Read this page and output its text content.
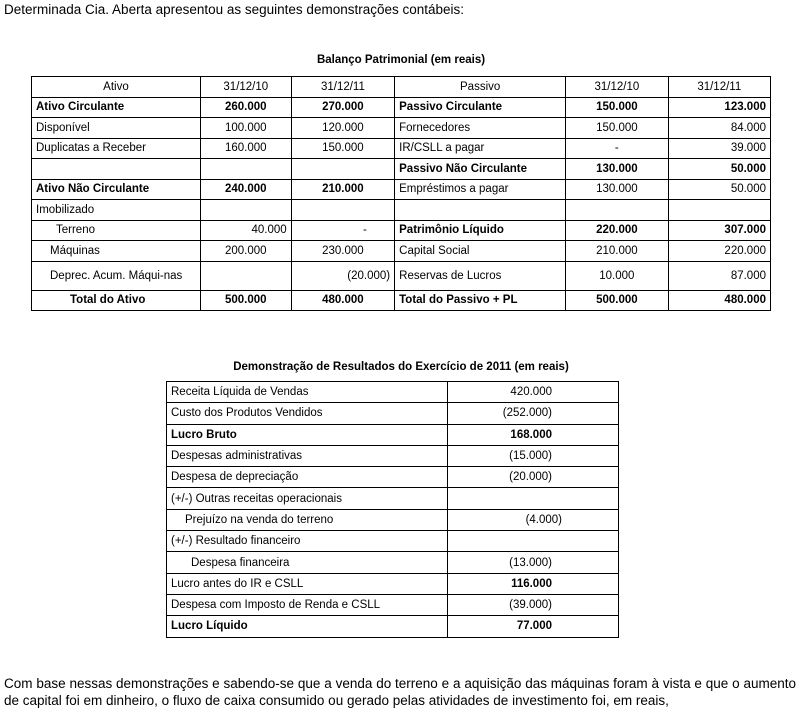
Determinada Cia. Aberta apresentou as seguintes demonstrações contábeis:
Balanço Patrimonial (em reais)
Ativo	31/12/10	31/12/11	Passivo	31/12/10	31/12/11
Ativo Circulante	260.000	270.000	Passivo Circulante	150.000	123.000
Disponível	100.000	120.000	Fornecedores	150.000	84.000
Duplicatas a Receber	160.000	150.000	IR/CSLL a pagar	-	39.000
			Passivo Não Circulante	130.000	50.000
Ativo Não Circulante	240.000	210.000	Empréstimos a pagar	130.000	50.000
Imobilizado					
Terreno	40.000	-	Patrimônio Líquido	220.000	307.000
Máquinas	200.000	230.000	Capital Social	210.000	220.000
Deprec. Acum. Máqui-nas		(20.000)	Reservas de Lucros	10.000	87.000
Total do Ativo	500.000	480.000	Total do Passivo + PL	500.000	480.000
Demonstração de Resultados do Exercício de 2011 (em reais)
Receita Líquida de Vendas	420.000
Custo dos Produtos Vendidos	(252.000)
Lucro Bruto	168.000
Despesas administrativas	(15.000)
Despesa de depreciação	(20.000)
(+/-) Outras receitas operacionais	
Prejuízo na venda do terreno	(4.000)
(+/-) Resultado financeiro	
Despesa financeira	(13.000)
Lucro antes do IR e CSLL	116.000
Despesa com Imposto de Renda e CSLL	(39.000)
Lucro Líquido	77.000
Com base nessas demonstrações e sabendo-se que a venda do terreno e a aquisição das máquinas foram à vista e que o aumento de capital foi em dinheiro, o fluxo de caixa consumido ou gerado pelas atividades de investimento foi, em reais,
